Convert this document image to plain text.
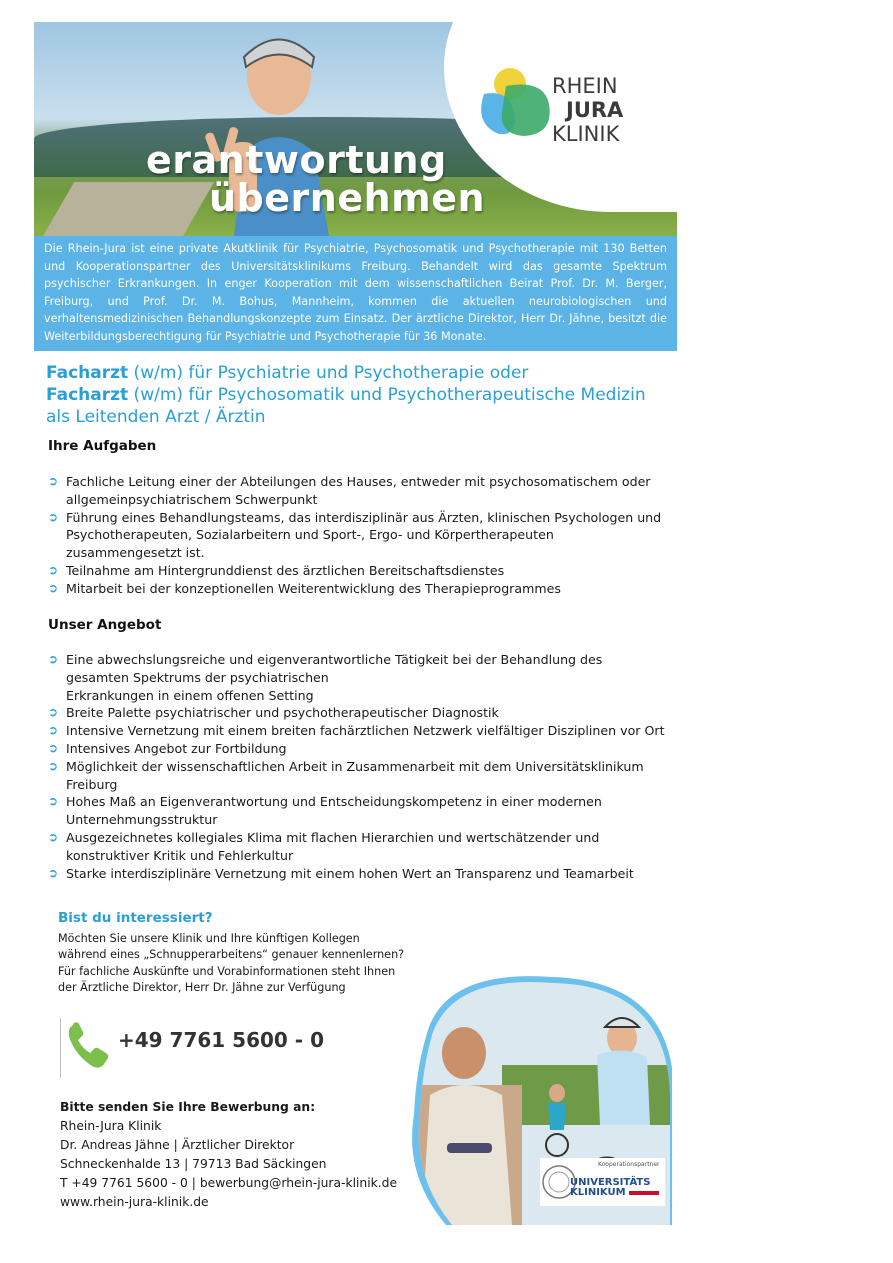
erantwortung
übernehmen
RHEIN
JURA
KLINIK
Die Rhein-Jura ist eine private Akutklinik für Psychiatrie, Psychosomatik und Psychotherapie mit 130 Betten und Kooperationspartner des Universitätsklinikums Freiburg. Behandelt wird das gesamte Spektrum psychischer Erkrankungen. In enger Kooperation mit dem wissenschaftlichen Beirat Prof. Dr. M. Berger, Freiburg, und Prof. Dr. M. Bohus, Mannheim, kommen die aktuellen neurobiologischen und verhaltensmedizinischen Behandlungskonzepte zum Einsatz. Der ärztliche Direktor, Herr Dr. Jähne, besitzt die Weiterbildungsberechtigung für Psychiatrie und Psychotherapie für 36 Monate.
Facharzt (w/m) für Psychiatrie und Psychotherapie oder
Facharzt (w/m) für Psychosomatik und Psychotherapeutische Medizin
als Leitenden Arzt / Ärztin
Ihre Aufgaben
➲ Fachliche Leitung einer der Abteilungen des Hauses, entweder mit psychosomatischem oder allgemeinpsychiatrischem Schwerpunkt
➲ Führung eines Behandlungsteams, das interdisziplinär aus Ärzten, klinischen Psychologen und Psychotherapeuten, Sozialarbeitern und Sport-, Ergo- und Körpertherapeuten zusammengesetzt ist.
➲ Teilnahme am Hintergrunddienst des ärztlichen Bereitschaftsdienstes
➲ Mitarbeit bei der konzeptionellen Weiterentwicklung des Therapieprogrammes
Unser Angebot
➲ Eine abwechslungsreiche und eigenverantwortliche Tätigkeit bei der Behandlung des gesamten Spektrums der psychiatrischen
Erkrankungen in einem offenen Setting
➲ Breite Palette psychiatrischer und psychotherapeutischer Diagnostik
➲ Intensive Vernetzung mit einem breiten fachärztlichen Netzwerk vielfältiger Disziplinen vor Ort
➲ Intensives Angebot zur Fortbildung
➲ Möglichkeit der wissenschaftlichen Arbeit in Zusammenarbeit mit dem Universitätsklinikum Freiburg
➲ Hohes Maß an Eigenverantwortung und Entscheidungskompetenz in einer modernen Unternehmungsstruktur
➲ Ausgezeichnetes kollegiales Klima mit flachen Hierarchien und wertschätzender und konstruktiver Kritik und Fehlerkultur
➲ Starke interdisziplinäre Vernetzung mit einem hohen Wert an Transparenz und Teamarbeit
Kooperationspartner
UNIVERSITÄTS
KLINIKUM
Bist du interessiert?
Möchten Sie unsere Klinik und Ihre künftigen Kollegen
während eines „Schnupperarbeitens“ genauer kennenlernen?
Für fachliche Auskünfte und Vorabinformationen steht Ihnen
der Ärztliche Direktor, Herr Dr. Jähne zur Verfügung
+49 7761 5600 - 0
Bitte senden Sie Ihre Bewerbung an:
Rhein-Jura Klinik
Dr. Andreas Jähne | Ärztlicher Direktor
Schneckenhalde 13 | 79713 Bad Säckingen
T +49 7761 5600 - 0 | bewerbung@rhein-jura-klinik.de
www.rhein-jura-klinik.de
